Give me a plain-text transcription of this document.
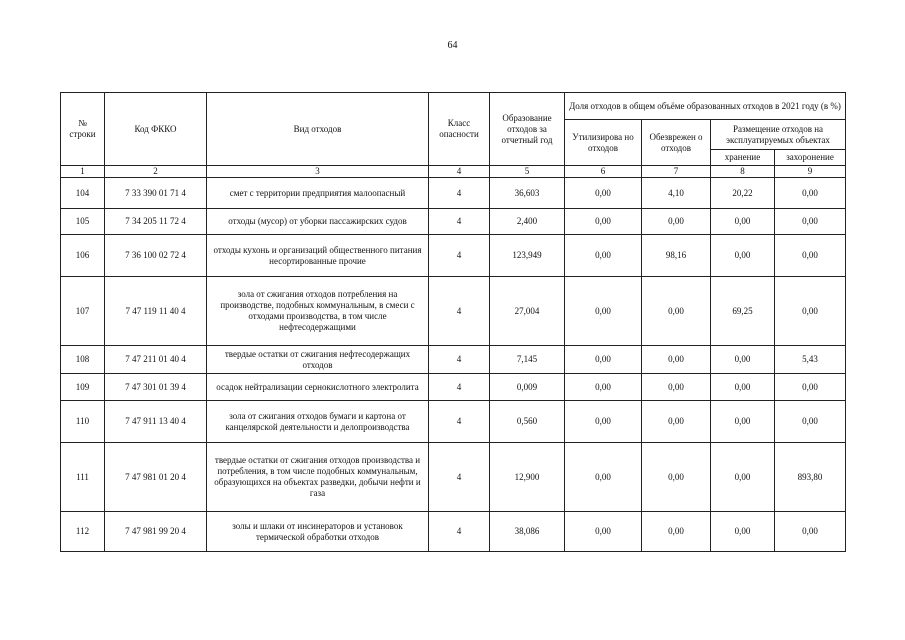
64
№ строки	Код ФККО	Вид отходов	Класс опасности	Образование отходов за отчетный год	Доля отходов в общем объёме образованных отходов в 2021 году (в %)			
					Утилизирова но отходов	Обезврежен о отходов	Размещение отходов на эксплуатируемых объектах	
							хранение	захоронение
1	2	3	4	5	6	7	8	9
104	7 33 390 01 71 4	смет с территории предприятия малоопасный	4	36,603	0,00	4,10	20,22	0,00
105	7 34 205 11 72 4	отходы (мусор) от уборки пассажирских судов	4	2,400	0,00	0,00	0,00	0,00
106	7 36 100 02 72 4	отходы кухонь и организаций общественного питания несортированные прочие	4	123,949	0,00	98,16	0,00	0,00
107	7 47 119 11 40 4	зола от сжигания отходов потребления на производстве, подобных коммунальным, в смеси с отходами производства, в том числе нефтесодержащими	4	27,004	0,00	0,00	69,25	0,00
108	7 47 211 01 40 4	твердые остатки от сжигания нефтесодержащих отходов	4	7,145	0,00	0,00	0,00	5,43
109	7 47 301 01 39 4	осадок нейтрализации сернокислотного электролита	4	0,009	0,00	0,00	0,00	0,00
110	7 47 911 13 40 4	зола от сжигания отходов бумаги и картона от канцелярской деятельности и делопроизводства	4	0,560	0,00	0,00	0,00	0,00
111	7 47 981 01 20 4	твердые остатки от сжигания отходов производства и потребления, в том числе подобных коммунальным, образующихся на объектах разведки, добычи нефти и газа	4	12,900	0,00	0,00	0,00	893,80
112	7 47 981 99 20 4	золы и шлаки от инсинераторов и установок термической обработки отходов	4	38,086	0,00	0,00	0,00	0,00
